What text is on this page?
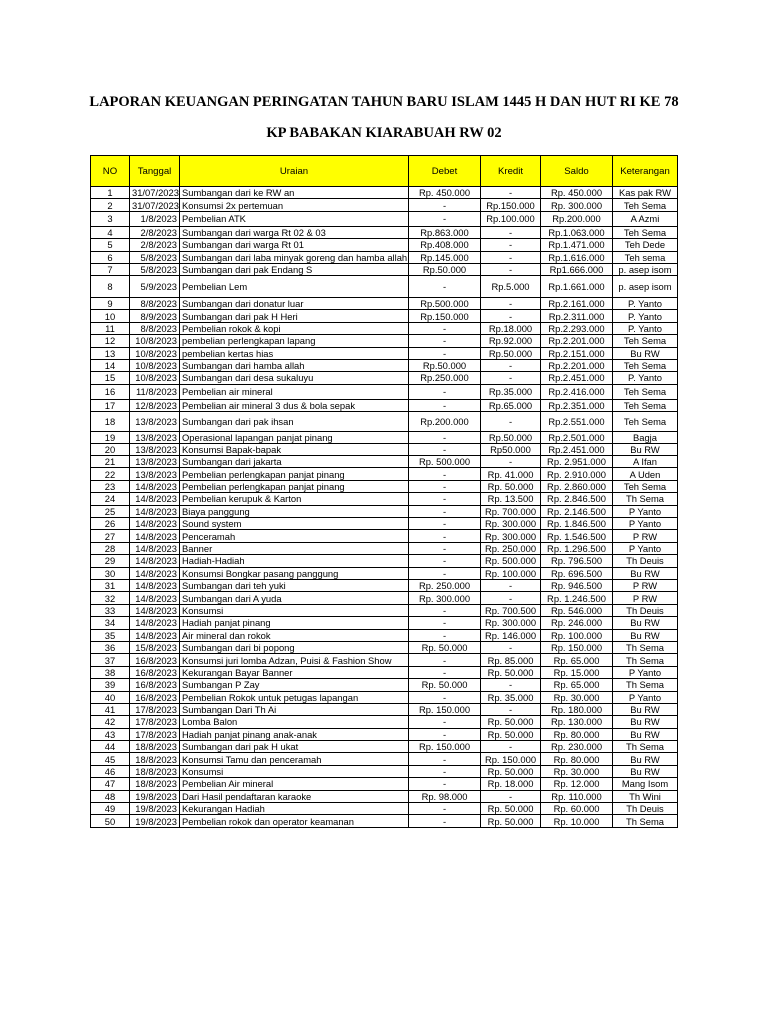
LAPORAN KEUANGAN PERINGATAN TAHUN BARU ISLAM 1445 H DAN HUT RI KE 78
KP BABAKAN KIARABUAH RW 02
NO	Tanggal	Uraian	Debet	Kredit	Saldo	Keterangan
1	31/07/2023	Sumbangan dari ke RW an	Rp. 450.000	-	Rp. 450.000	Kas pak RW
2	31/07/2023	Konsumsi 2x pertemuan	-	Rp.150.000	Rp. 300.000	Teh Sema
3	1/8/2023	Pembelian ATK	-	Rp.100.000	Rp.200.000	A Azmi
4	2/8/2023	Sumbangan dari warga Rt 02 & 03	Rp.863.000	-	Rp.1.063.000	Teh Sema
5	2/8/2023	Sumbangan dari warga Rt 01	Rp.408.000	-	Rp.1.471.000	Teh Dede
6	5/8/2023	Sumbangan dari laba minyak goreng dan hamba allah	Rp.145.000	-	Rp.1.616.000	Teh sema
7	5/8/2023	Sumbangan dari pak Endang S	Rp.50.000	-	Rp1.666.000	p. asep isom
8	5/9/2023	Pembelian Lem	-	Rp.5.000	Rp.1.661.000	p. asep isom
9	8/8/2023	Sumbangan dari donatur luar	Rp.500.000	-	Rp.2.161.000	P. Yanto
10	8/9/2023	Sumbangan dari pak H Heri	Rp.150.000	-	Rp.2.311.000	P. Yanto
11	8/8/2023	Pembelian rokok & kopi	-	Rp.18.000	Rp.2.293.000	P. Yanto
12	10/8/2023	pembelian perlengkapan lapang	-	Rp.92.000	Rp.2.201.000	Teh Sema
13	10/8/2023	pembelian kertas hias	-	Rp.50.000	Rp.2.151.000	Bu RW
14	10/8/2023	Sumbangan dari hamba allah	Rp.50.000	-	Rp.2.201.000	Teh Sema
15	10/8/2023	Sumbangan dari desa sukaluyu	Rp.250.000	-	Rp.2.451.000	P. Yanto
16	11/8/2023	Pembelian air mineral	-	Rp.35.000	Rp.2.416.000	Teh Sema
17	12/8/2023	Pembelian air mineral 3 dus & bola sepak	-	Rp.65.000	Rp.2.351.000	Teh Sema
18	13/8/2023	Sumbangan dari pak ihsan	Rp.200.000	-	Rp.2.551.000	Teh Sema
19	13/8/2023	Operasional lapangan panjat pinang	-	Rp.50.000	Rp.2.501.000	Bagja
20	13/8/2023	Konsumsi Bapak-bapak	-	Rp50.000	Rp.2.451.000	Bu RW
21	13/8/2023	Sumbangan dari jakarta	Rp. 500.000	-	Rp. 2.951.000	A Ifan
22	13/8/2023	Pembelian perlengkapan panjat pinang	-	Rp. 41.000	Rp. 2.910.000	A Uden
23	14/8/2023	Pembelian perlengkapan panjat pinang	-	Rp. 50.000	Rp. 2.860.000	Teh Sema
24	14/8/2023	Pembelian kerupuk & Karton	-	Rp. 13.500	Rp. 2.846.500	Th Sema
25	14/8/2023	Biaya panggung	-	Rp. 700.000	Rp. 2.146.500	P Yanto
26	14/8/2023	Sound system	-	Rp. 300.000	Rp. 1.846.500	P Yanto
27	14/8/2023	Penceramah	-	Rp. 300.000	Rp. 1.546.500	P RW
28	14/8/2023	Banner	-	Rp. 250.000	Rp. 1.296.500	P Yanto
29	14/8/2023	Hadiah-Hadiah	-	Rp. 500.000	Rp. 796.500	Th Deuis
30	14/8/2023	Konsumsi Bongkar pasang panggung	-	Rp. 100.000	Rp. 696.500	Bu RW
31	14/8/2023	Sumbangan dari teh yuki	Rp. 250.000	-	Rp. 946.500	P RW
32	14/8/2023	Sumbangan dari A yuda	Rp. 300.000	-	Rp. 1.246.500	P RW
33	14/8/2023	Konsumsi	-	Rp. 700.500	Rp. 546.000	Th Deuis
34	14/8/2023	Hadiah panjat pinang	-	Rp. 300.000	Rp. 246.000	Bu RW
35	14/8/2023	Air mineral dan rokok	-	Rp. 146.000	Rp. 100.000	Bu RW
36	15/8/2023	Sumbangan dari bi popong	Rp. 50.000	-	Rp. 150.000	Th Sema
37	16/8/2023	Konsumsi juri lomba Adzan, Puisi & Fashion Show	-	Rp. 85.000	Rp. 65.000	Th Sema
38	16/8/2023	Kekurangan Bayar Banner	-	Rp. 50.000	Rp. 15.000	P Yanto
39	16/8/2023	Sumbangan P Zay	Rp. 50.000	-	Rp. 65.000	Th Sema
40	16/8/2023	Pembelian Rokok untuk petugas lapangan	-	Rp. 35.000	Rp. 30.000	P Yanto
41	17/8/2023	Sumbangan Dari Th Ai	Rp. 150.000	-	Rp. 180.000	Bu RW
42	17/8/2023	Lomba Balon	-	Rp. 50.000	Rp. 130.000	Bu RW
43	17/8/2023	Hadiah panjat pinang anak-anak	-	Rp. 50.000	Rp. 80.000	Bu RW
44	18/8/2023	Sumbangan dari pak H ukat	Rp. 150.000	-	Rp. 230.000	Th Sema
45	18/8/2023	Konsumsi Tamu dan penceramah	-	Rp. 150.000	Rp. 80.000	Bu RW
46	18/8/2023	Konsumsi	-	Rp. 50.000	Rp. 30.000	Bu RW
47	18/8/2023	Pembelian Air mineral	-	Rp. 18.000	Rp. 12.000	Mang Isom
48	19/8/2023	Dari Hasil pendaftaran karaoke	Rp. 98.000	-	Rp. 110.000	Th Wini
49	19/8/2023	Kekurangan Hadiah	-	Rp. 50.000	Rp. 60.000	Th Deuis
50	19/8/2023	Pembelian rokok dan operator keamanan	-	Rp. 50.000	Rp. 10.000	Th Sema
